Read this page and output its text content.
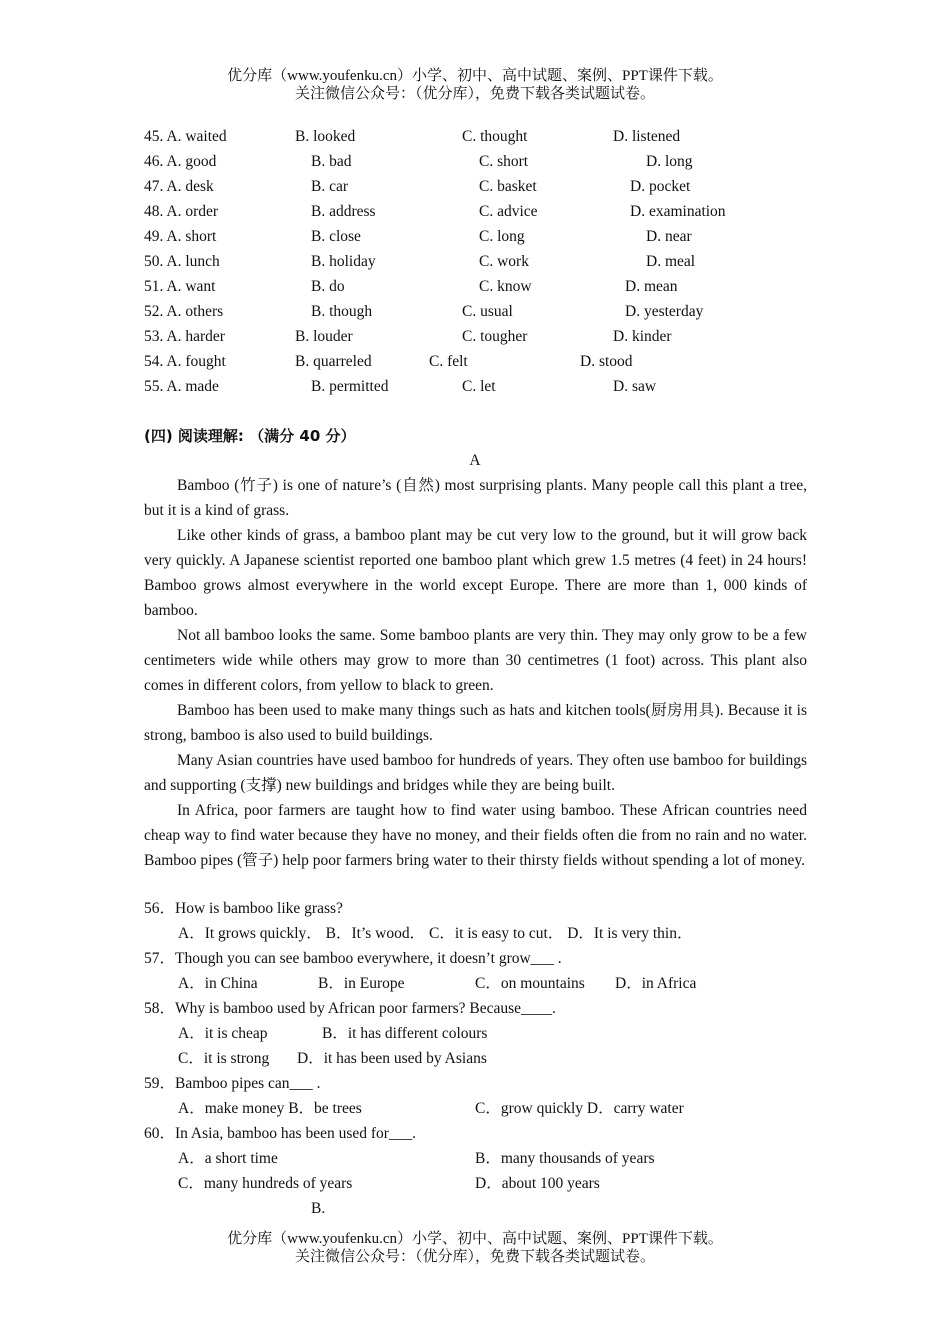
优分库（www.youfenku.cn）小学、初中、高中试题、案例、PPT课件下载。
关注微信公众号：（优分库），免费下载各类试题试卷。
45. A. waited	B. looked	C. thought	D. listened
46. A. good	B. bad	C. short	D. long
47. A. desk	B. car	C. basket	D. pocket
48. A. order	B. address	C. advice	D. examination
49. A. short	B. close	C. long	D. near
50. A. lunch	B. holiday	C. work	D. meal
51. A. want	B. do	C. know	D. mean
52. A. others	B. though	C. usual	D. yesterday
53. A. harder	B. louder	C. tougher	D. kinder
54. A. fought	B. quarreled	C. felt	D. stood
55. A. made	B. permitted	C. let	D. saw
(四) 阅读理解: （满分 40 分）
A

Bamboo (竹子) is one of nature’s (自然) most surprising plants. Many people call this plant a tree, but it is a kind of grass.

Like other kinds of grass, a bamboo plant may be cut very low to the ground, but it will grow back very quickly. A Japanese scientist reported one bamboo plant which grew 1.5 metres (4 feet) in 24 hours! Bamboo grows almost everywhere in the world except Europe. There are more than 1, 000 kinds of bamboo.

Not all bamboo looks the same. Some bamboo plants are very thin. They may only grow to be a few centimeters wide while others may grow to more than 30 centimetres (1 foot) across. This plant also comes in different colors, from yellow to black to green.

Bamboo has been used to make many things such as hats and kitchen tools(厨房用具). Because it is strong, bamboo is also used to build buildings.

Many Asian countries have used bamboo for hundreds of years. They often use bamboo for buildings and supporting (支撑) new buildings and bridges while they are being built.

In Africa, poor farmers are taught how to find water using bamboo. These African countries need cheap way to find water because they have no money, and their fields often die from no rain and no water. Bamboo pipes (管子) help poor farmers bring water to their thirsty fields without spending a lot of money.

56．How is bamboo like grass?
A．It grows quickly． B．It’s wood． C．it is easy to cut． D．It is very thin．
57．Though you can see bamboo everywhere, it doesn’t grow___ .
A．in China	B．in Europe	C．on mountains D．in Africa
58．Why is bamboo used by African poor farmers? Because____.
A．it is cheap	B．it has different colours
C．it is strong D．it has been used by Asians
59．Bamboo pipes can___ .
A．make money B．be trees	C．grow quickly D．carry water
60．In Asia, bamboo has been used for___.
A．a short time	B．many thousands of years
C．many hundreds of years	D．about 100 years
B.
优分库（www.youfenku.cn）小学、初中、高中试题、案例、PPT课件下载。
关注微信公众号：（优分库），免费下载各类试题试卷。
